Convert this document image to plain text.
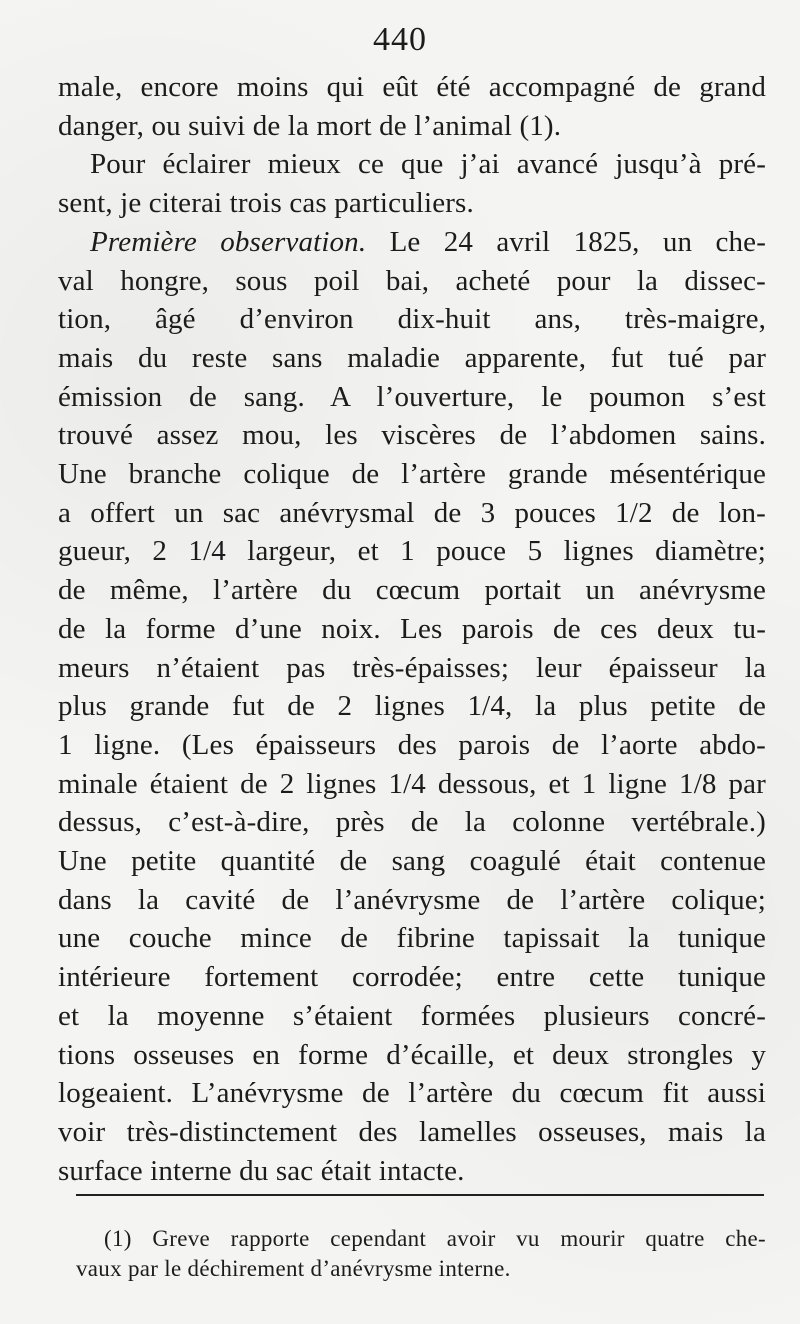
440
male, encore moins qui eût été accompagné de grand
danger, ou suivi de la mort de l’animal (1).
Pour éclairer mieux ce que j’ai avancé jusqu’à pré-
sent, je citerai trois cas particuliers.
Première observation. Le 24 avril 1825, un che-
val hongre, sous poil bai, acheté pour la dissec-
tion, âgé d’environ dix-huit ans, très-maigre,
mais du reste sans maladie apparente, fut tué par
émission de sang. A l’ouverture, le poumon s’est
trouvé assez mou, les viscères de l’abdomen sains.
Une branche colique de l’artère grande mésentérique
a offert un sac anévrysmal de 3 pouces 1/2 de lon-
gueur, 2 1/4 largeur, et 1 pouce 5 lignes diamètre;
de même, l’artère du cœcum portait un anévrysme
de la forme d’une noix. Les parois de ces deux tu-
meurs n’étaient pas très-épaisses; leur épaisseur la
plus grande fut de 2 lignes 1/4, la plus petite de
1 ligne. (Les épaisseurs des parois de l’aorte abdo-
minale étaient de 2 lignes 1/4 dessous, et 1 ligne 1/8 par
dessus, c’est-à-dire, près de la colonne vertébrale.)
Une petite quantité de sang coagulé était contenue
dans la cavité de l’anévrysme de l’artère colique;
une couche mince de fibrine tapissait la tunique
intérieure fortement corrodée; entre cette tunique
et la moyenne s’étaient formées plusieurs concré-
tions osseuses en forme d’écaille, et deux strongles y
logeaient. L’anévrysme de l’artère du cœcum fit aussi
voir très-distinctement des lamelles osseuses, mais la
surface interne du sac était intacte.
(1) Greve rapporte cependant avoir vu mourir quatre che-
vaux par le déchirement d’anévrysme interne.
